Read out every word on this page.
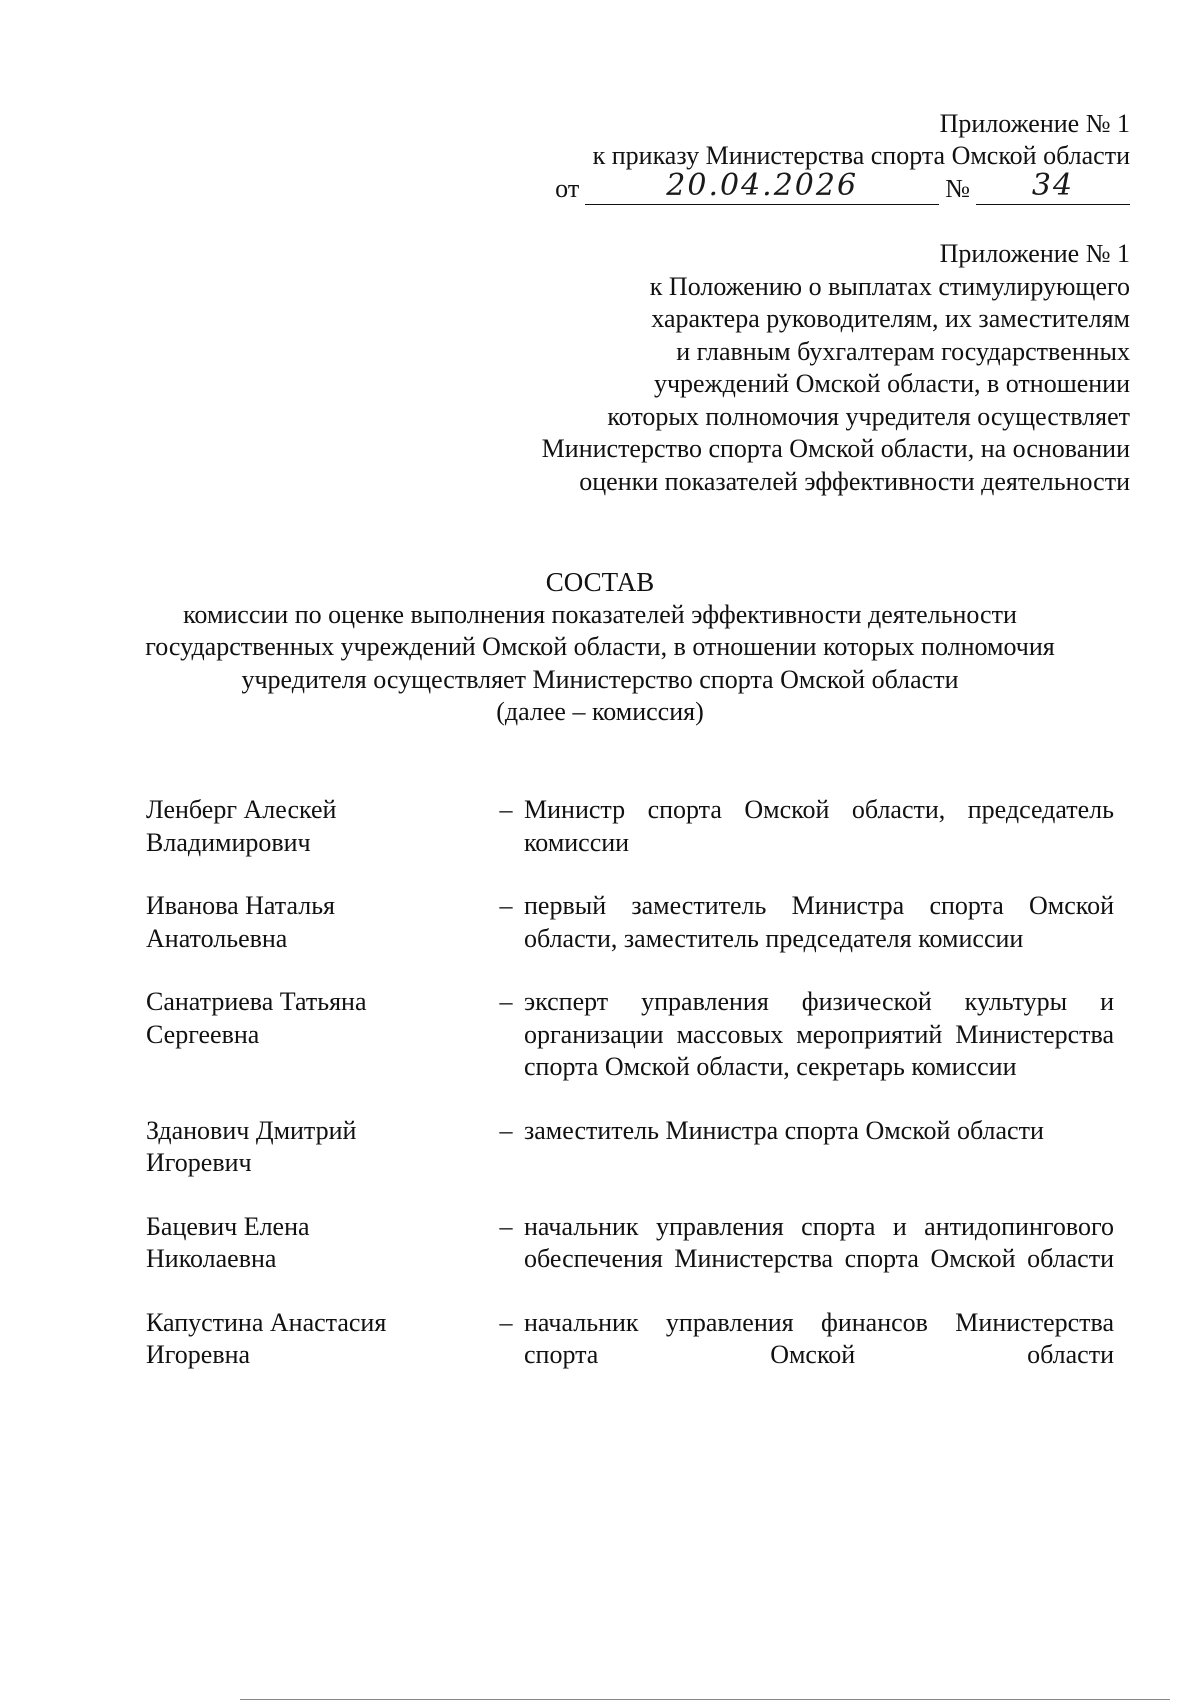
Приложение № 1
к приказу Министерства спорта Омской области
от	20.04.2026	№	34
Приложение № 1
к Положению о выплатах стимулирующего
характера руководителям, их заместителям
и главным бухгалтерам государственных
учреждений Омской области, в отношении
которых полномочия учредителя осуществляет
Министерство спорта Омской области, на основании
оценки показателей эффективности деятельности
СОСТАВ
комиссии по оценке выполнения показателей эффективности деятельности
государственных учреждений Омской области, в отношении которых полномочия
учредителя осуществляет Министерство спорта Омской области
(далее – комиссия)
Ленберг Алескей
Владимирович
– Министр спорта Омской области, председатель комиссии
Иванова Наталья
Анатольевна
– первый заместитель Министра спорта Омской области, заместитель председателя комиссии
Санатриева Татьяна
Сергеевна
– эксперт управления физической культуры и организации массовых мероприятий Министерства спорта Омской области, секретарь комиссии
Зданович Дмитрий
Игоревич
– заместитель Министра спорта Омской области
Бацевич Елена
Николаевна
– начальник управления спорта и антидопингового обеспечения Министерства спорта Омской области
Капустина Анастасия
Игоревна
– начальник управления финансов Министерства спорта Омской области
